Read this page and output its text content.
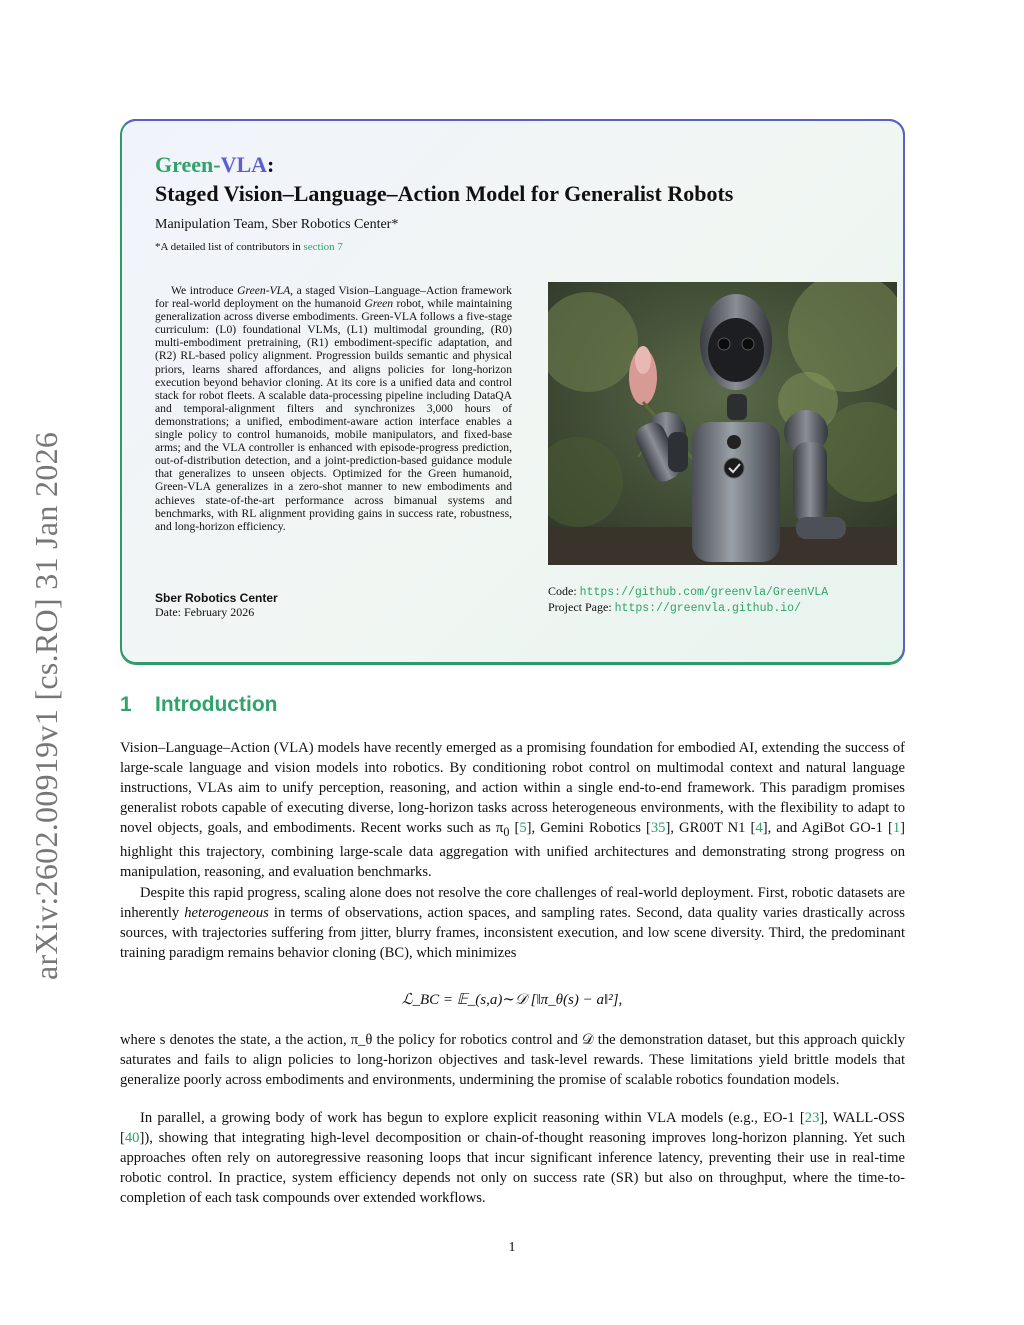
arXiv:2602.00919v1 [cs.RO] 31 Jan 2026
Green-VLA:
Staged Vision–Language–Action Model for Generalist Robots
Manipulation Team, Sber Robotics Center*
*A detailed list of contributors in section 7

We introduce Green-VLA, a staged Vision–Language–Action framework for real-world deployment on the humanoid Green robot, while maintaining generalization across diverse embodiments. Green-VLA follows a five-stage curriculum: (L0) foundational VLMs, (L1) multimodal grounding, (R0) multi-embodiment pretraining, (R1) embodiment-specific adaptation, and (R2) RL-based policy alignment. Progression builds semantic and physical priors, learns shared affordances, and aligns policies for long-horizon execution beyond behavior cloning. At its core is a unified data and control stack for robot fleets. A scalable data-processing pipeline including DataQA and temporal-alignment filters and synchronizes 3,000 hours of demonstrations; a unified, embodiment-aware action interface enables a single policy to control humanoids, mobile manipulators, and fixed-base arms; and the VLA controller is enhanced with episode-progress prediction, out-of-distribution detection, and a joint-prediction-based guidance module that generalizes to unseen objects. Optimized for the Green humanoid, Green-VLA generalizes in a zero-shot manner to new embodiments and achieves state-of-the-art performance across bimanual systems and benchmarks, with RL alignment providing gains in success rate, robustness, and long-horizon efficiency.

Sber Robotics Center
Date: February 2026
Code: https://github.com/greenvla/GreenVLA
Project Page: https://greenvla.github.io/
1 Introduction

Vision–Language–Action (VLA) models have recently emerged as a promising foundation for embodied AI, extending the success of large-scale language and vision models into robotics. By conditioning robot control on multimodal context and natural language instructions, VLAs aim to unify perception, reasoning, and action within a single end-to-end framework. This paradigm promises generalist robots capable of executing diverse, long-horizon tasks across heterogeneous environments, with the flexibility to adapt to novel objects, goals, and embodiments. Recent works such as $\pi_0$ [5], Gemini Robotics [35], GR00T N1 [4], and AgiBot GO-1 [1] highlight this trajectory, combining large-scale data aggregation with unified architectures and demonstrating strong progress on manipulation, reasoning, and evaluation benchmarks.

Despite this rapid progress, scaling alone does not resolve the core challenges of real-world deployment. First, robotic datasets are inherently heterogeneous in terms of observations, action spaces, and sampling rates. Second, data quality varies drastically across sources, with trajectories suffering from jitter, blurry frames, inconsistent execution, and low scene diversity. Third, the predominant training paradigm remains behavior cloning (BC), which minimizes

ℒ_BC = 𝔼_(s,a)∼𝒟 [‖π_θ(s) − a‖²],

where s denotes the state, a the action, π_θ the policy for robotics control and 𝒟 the demonstration dataset, but this approach quickly saturates and fails to align policies to long-horizon objectives and task-level rewards. These limitations yield brittle models that generalize poorly across embodiments and environments, undermining the promise of scalable robotics foundation models.

In parallel, a growing body of work has begun to explore explicit reasoning within VLA models (e.g., EO-1 [23], WALL-OSS [40]), showing that integrating high-level decomposition or chain-of-thought reasoning improves long-horizon planning. Yet such approaches often rely on autoregressive reasoning loops that incur significant inference latency, preventing their use in real-time robotic control. In practice, system efficiency depends not only on success rate (SR) but also on throughput, where the time-to-completion of each task compounds over extended workflows.

1
